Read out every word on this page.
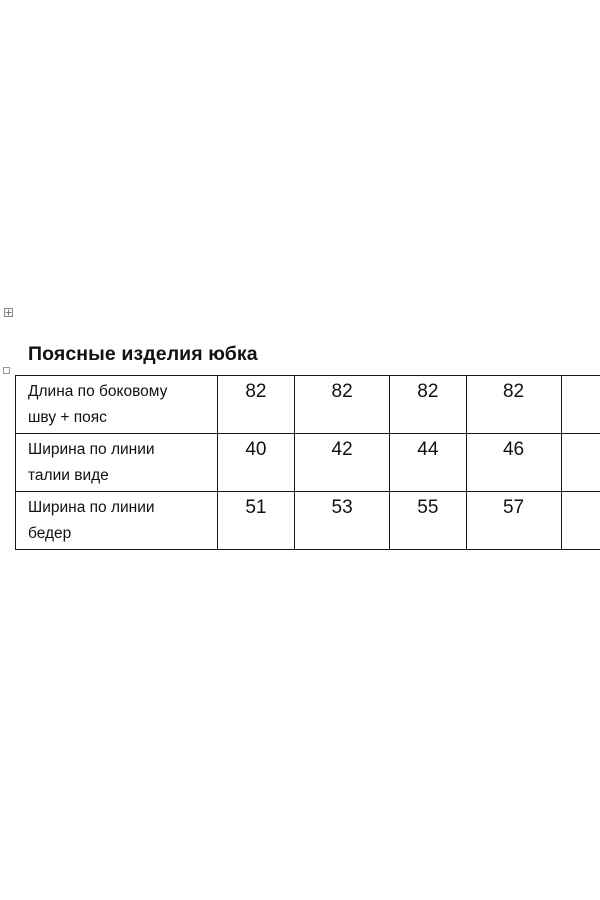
Поясные изделия юбка
Длина по боковому
шву + пояс	82	82	82	82	

Ширина по линии
талии виде	40	42	44	46	

Ширина по линии
бедер	51	53	55	57	
